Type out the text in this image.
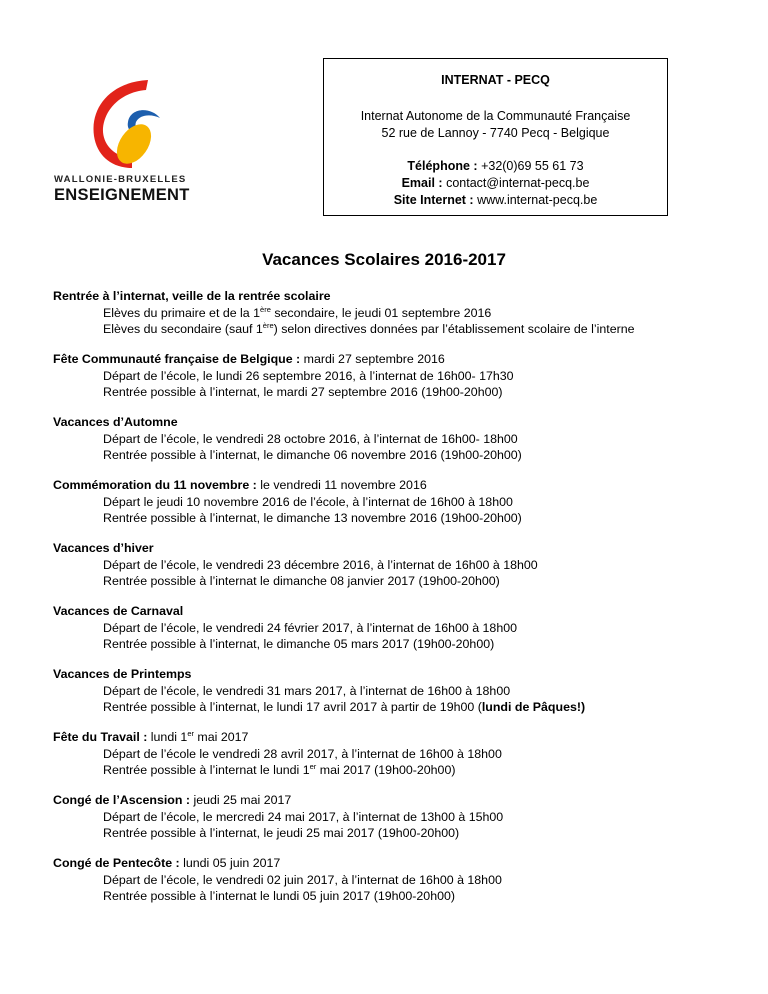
WALLONIE-BRUXELLES
ENSEIGNEMENT
INTERNAT - PECQ
Internat Autonome de la Communauté Française
52 rue de Lannoy - 7740 Pecq - Belgique
Téléphone : +32(0)69 55 61 73
Email : contact@internat-pecq.be
Site Internet : www.internat-pecq.be
Vacances Scolaires 2016-2017
Rentrée à l’internat, veille de la rentrée scolaire
Elèves du primaire et de la 1ère secondaire, le jeudi 01 septembre 2016
Elèves du secondaire (sauf 1ère) selon directives données par l’établissement scolaire de l’interne
Fête Communauté française de Belgique : mardi 27 septembre 2016
Départ de l’école, le lundi 26 septembre 2016, à l’internat de 16h00- 17h30
Rentrée possible à l’internat, le mardi 27 septembre 2016 (19h00-20h00)
Vacances d’Automne
Départ de l’école, le vendredi 28 octobre 2016, à l’internat de 16h00- 18h00
Rentrée possible à l’internat, le dimanche 06 novembre 2016 (19h00-20h00)
Commémoration du 11 novembre : le vendredi 11 novembre 2016
Départ le jeudi 10 novembre 2016 de l’école, à l’internat de 16h00 à 18h00
Rentrée possible à l’internat, le dimanche 13 novembre 2016 (19h00-20h00)
Vacances d’hiver
Départ de l’école, le vendredi 23 décembre 2016, à l’internat de 16h00 à 18h00
Rentrée possible à l’internat le dimanche 08 janvier 2017 (19h00-20h00)
Vacances de Carnaval
Départ de l’école, le vendredi 24 février 2017, à l’internat de 16h00 à 18h00
Rentrée possible à l’internat, le dimanche 05 mars 2017 (19h00-20h00)
Vacances de Printemps
Départ de l’école, le vendredi 31 mars 2017, à l’internat de 16h00 à 18h00
Rentrée possible à l’internat, le lundi 17 avril 2017 à partir de 19h00 (lundi de Pâques!)
Fête du Travail : lundi 1er mai 2017
Départ de l’école le vendredi 28 avril 2017, à l’internat de 16h00 à 18h00
Rentrée possible à l’internat le lundi 1er mai 2017 (19h00-20h00)
Congé de l’Ascension : jeudi 25 mai 2017
Départ de l’école, le mercredi 24 mai 2017, à l’internat de 13h00 à 15h00
Rentrée possible à l’internat, le jeudi 25 mai 2017 (19h00-20h00)
Congé de Pentecôte : lundi 05 juin 2017
Départ de l’école, le vendredi 02 juin 2017, à l’internat de 16h00 à 18h00
Rentrée possible à l’internat le lundi 05 juin 2017 (19h00-20h00)
